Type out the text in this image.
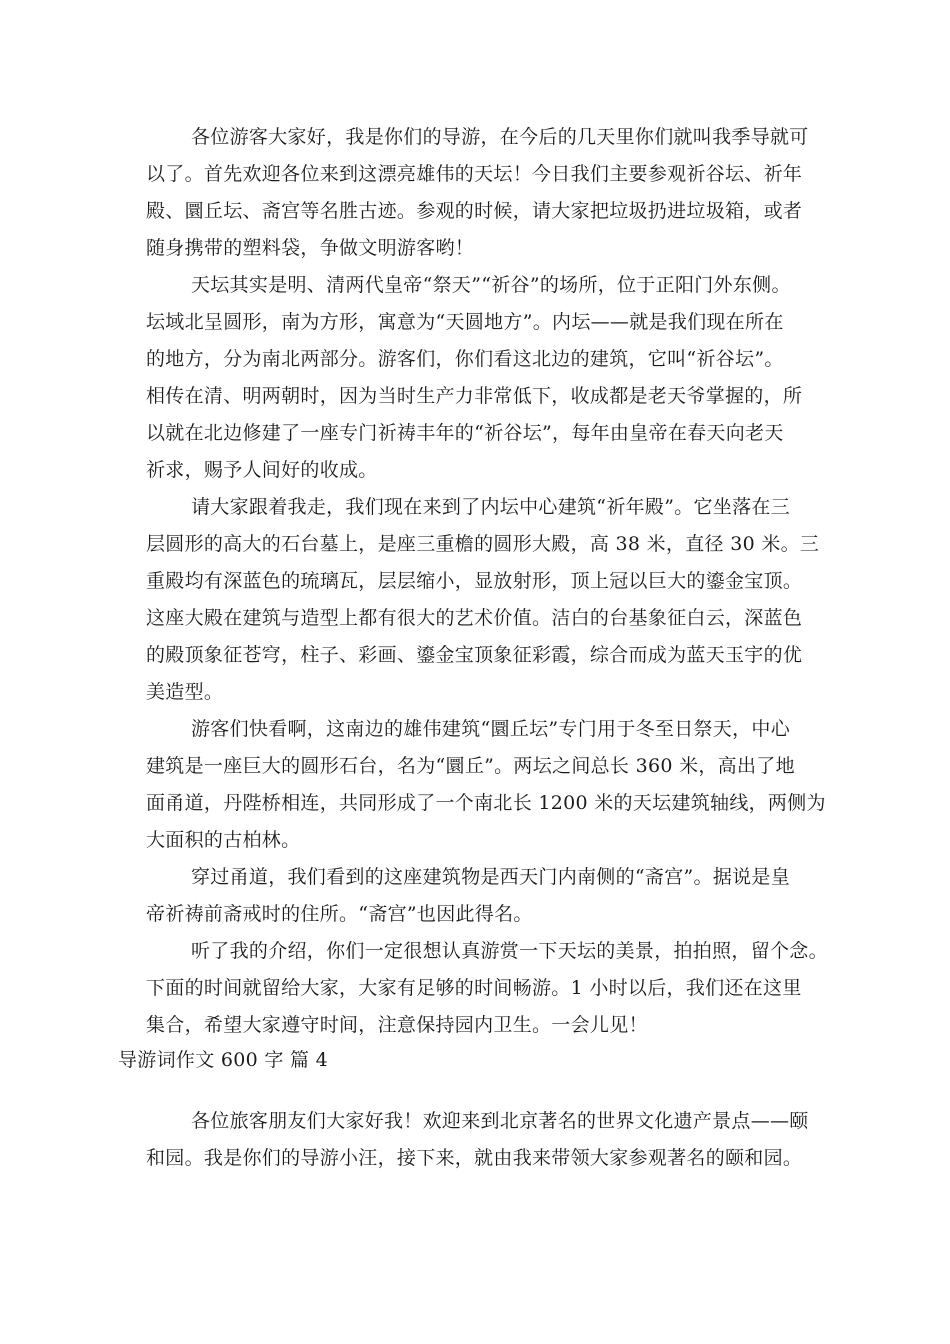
各位游客大家好，我是你们的导游，在今后的几天里你们就叫我季导就可
以了。首先欢迎各位来到这漂亮雄伟的天坛！今日我们主要参观祈谷坛、祈年
殿、圜丘坛、斋宫等名胜古迹。参观的时候，请大家把垃圾扔进垃圾箱，或者
随身携带的塑料袋，争做文明游客哟！
天坛其实是明、清两代皇帝“祭天”“祈谷”的场所，位于正阳门外东侧。
坛域北呈圆形，南为方形，寓意为“天圆地方”。内坛——就是我们现在所在
的地方，分为南北两部分。游客们，你们看这北边的建筑，它叫“祈谷坛”。
相传在清、明两朝时，因为当时生产力非常低下，收成都是老天爷掌握的，所
以就在北边修建了一座专门祈祷丰年的“祈谷坛”，每年由皇帝在春天向老天
祈求，赐予人间好的收成。
请大家跟着我走，我们现在来到了内坛中心建筑“祈年殿”。它坐落在三
层圆形的高大的石台墓上，是座三重檐的圆形大殿，高 38 米，直径 30 米。三
重殿均有深蓝色的琉璃瓦，层层缩小，显放射形，顶上冠以巨大的鎏金宝顶。
这座大殿在建筑与造型上都有很大的艺术价值。洁白的台基象征白云，深蓝色
的殿顶象征苍穹，柱子、彩画、鎏金宝顶象征彩霞，综合而成为蓝天玉宇的优
美造型。
游客们快看啊，这南边的雄伟建筑“圜丘坛”专门用于冬至日祭天，中心
建筑是一座巨大的圆形石台，名为“圜丘”。两坛之间总长 360 米，高出了地
面甬道，丹陛桥相连，共同形成了一个南北长 1200 米的天坛建筑轴线，两侧为
大面积的古柏林。
穿过甬道，我们看到的这座建筑物是西天门内南侧的“斋宫”。据说是皇
帝祈祷前斋戒时的住所。“斋宫”也因此得名。
听了我的介绍，你们一定很想认真游赏一下天坛的美景，拍拍照，留个念。
下面的时间就留给大家，大家有足够的时间畅游。1 小时以后，我们还在这里
集合，希望大家遵守时间，注意保持园内卫生。一会儿见！
导游词作文 600 字 篇 4
各位旅客朋友们大家好我！欢迎来到北京著名的世界文化遗产景点——颐
和园。我是你们的导游小汪，接下来，就由我来带领大家参观著名的颐和园。
